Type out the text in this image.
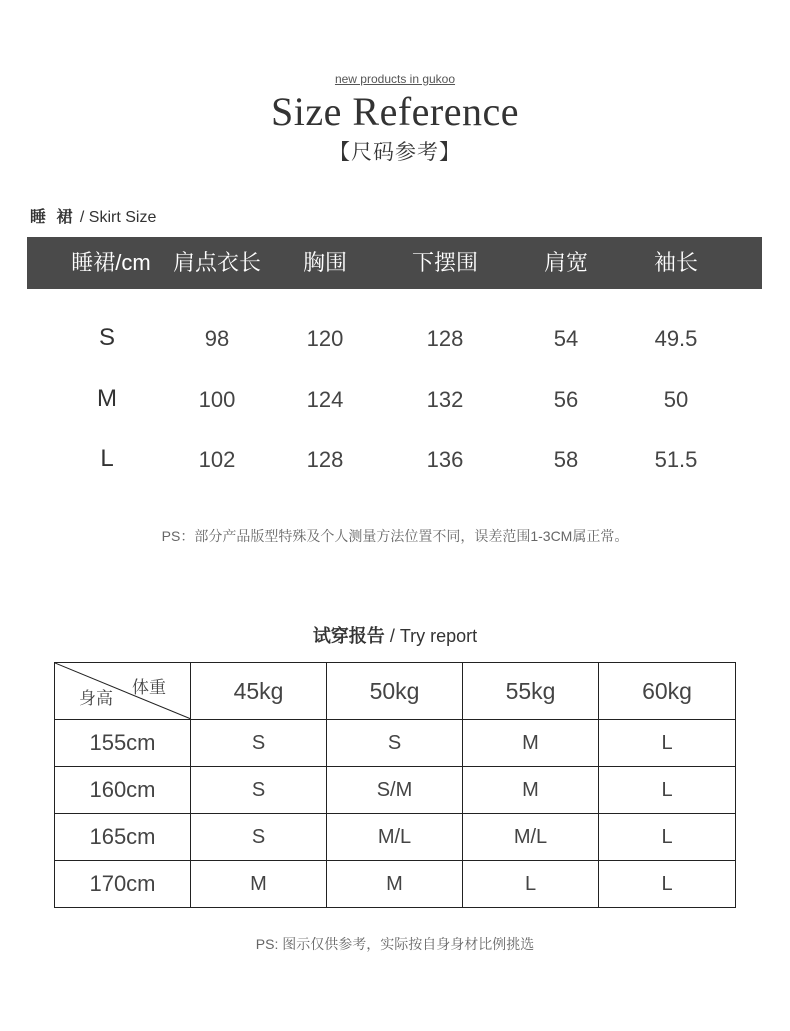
new products in gukoo
Size Reference
【尺码参考】
睡 裙 / Skirt Size
睡裙/cm 肩点衣长 胸围	下摆围	肩宽	袖长
S	98	120	128	54	49.5
M	100	124	132	56	50
L	102	128	136	58	51.5
PS：部分产品版型特殊及个人测量方法位置不同，误差范围1-3CM属正常。
试穿报告 / Try report
体重
身高	45kg	50kg	55kg	60kg
155cm	S	S	M	L
160cm	S	S/M	M	L
165cm	S	M/L	M/L	L
170cm	M	M	L	L
PS: 图示仅供参考，实际按自身身材比例挑选
